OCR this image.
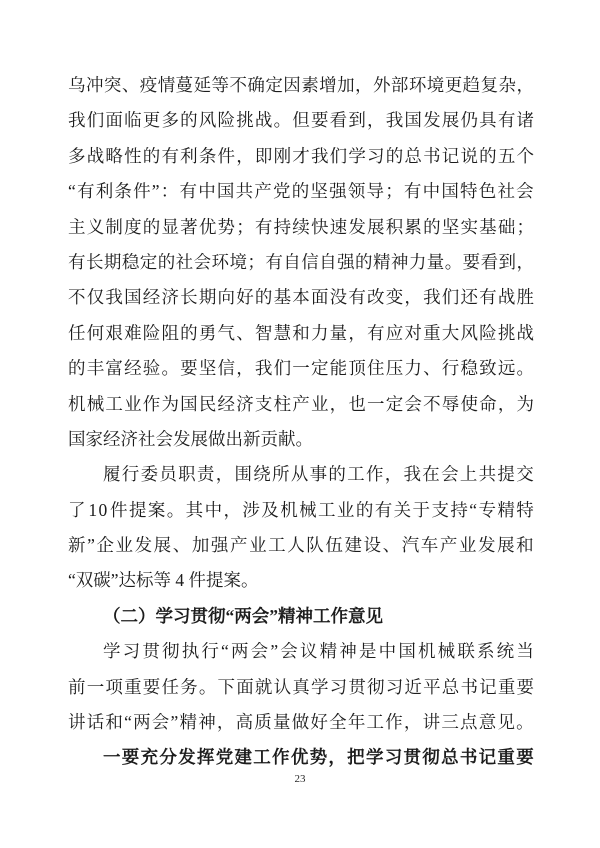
乌 冲 突 、 疫 情 蔓 延 等 不 确 定 因 素 增 加 ， 外 部 环 境 更 趋 复 杂 ，
我 们 面 临 更 多 的 风 险 挑 战 。 但 要 看 到 ， 我 国 发 展 仍 具 有 诸
多 战 略 性 的 有 利 条 件 ， 即 刚 才 我 们 学 习 的 总 书 记 说 的 五 个
“ 有 利 条 件 ” ： 有 中 国 共 产 党 的 坚 强 领 导 ； 有 中 国 特 色 社 会
主 义 制 度 的 显 著 优 势 ； 有 持 续 快 速 发 展 积 累 的 坚 实 基 础 ；
有 长 期 稳 定 的 社 会 环 境 ； 有 自 信 自 强 的 精 神 力 量 。 要 看 到 ，
不 仅 我 国 经 济 长 期 向 好 的 基 本 面 没 有 改 变 ， 我 们 还 有 战 胜
任 何 艰 难 险 阻 的 勇 气 、 智 慧 和 力 量 ， 有 应 对 重 大 风 险 挑 战
的 丰 富 经 验 。 要 坚 信 ， 我 们 一 定 能 顶 住 压 力 、 行 稳 致 远 。
机 械 工 业 作 为 国 民 经 济 支 柱 产 业 ， 也 一 定 会 不 辱 使 命 ， 为
国家经济社会发展做出新贡献。
履 行 委 员 职 责 ， 围 绕 所 从 事 的 工 作 ， 我 在 会 上 共 提 交
了 1 0 件 提 案 。 其 中 ， 涉 及 机 械 工 业 的 有 关 于 支 持 “ 专 精 特
新 ” 企 业 发 展 、 加 强 产 业 工 人 队 伍 建 设 、 汽 车 产 业 发 展 和
“双碳”达标等 4 件提案。
（二）学习贯彻“两会”精神工作意见
学 习 贯 彻 执 行 “ 两 会 ” 会 议 精 神 是 中 国 机 械 联 系 统 当
前 一 项 重 要 任 务 。 下 面 就 认 真 学 习 贯 彻 习 近 平 总 书 记 重 要
讲 话 和 “ 两 会 ” 精 神 ， 高 质 量 做 好 全 年 工 作 ， 讲 三 点 意 见 。
一 要 充 分 发 挥 党 建 工 作 优 势 ， 把 学 习 贯 彻 总 书 记 重 要
23
